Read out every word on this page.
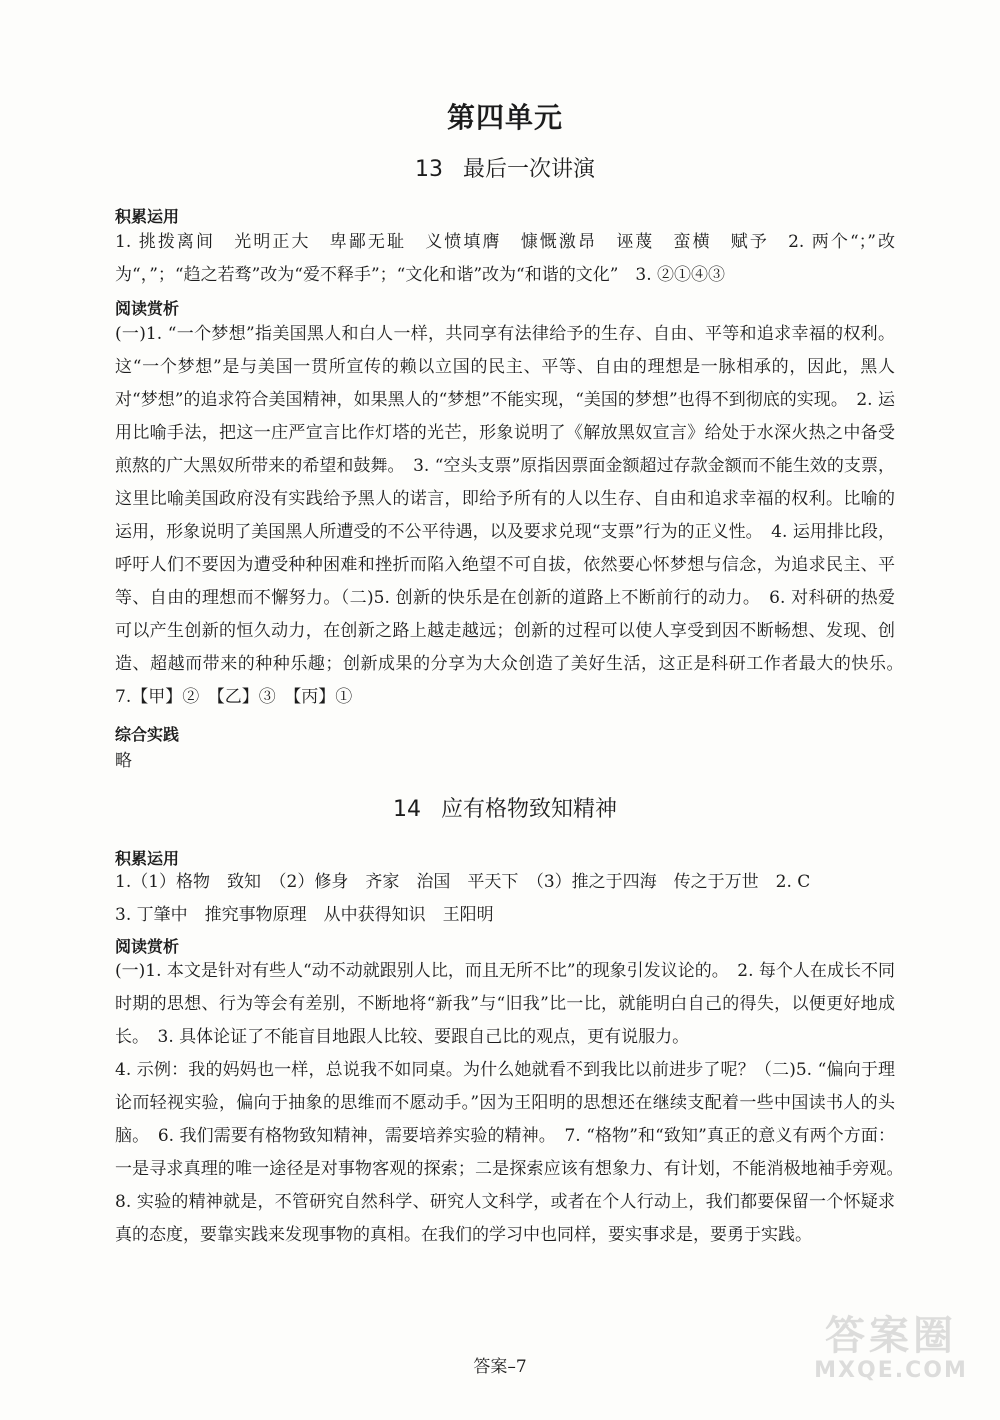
第四单元
13 最后一次讲演
积累运用
1. 挑拨离间　光明正大　卑鄙无耻　义愤填膺　慷慨激昂　诬蔑　蛮横　赋予　2. 两个“；”改为“，”；“趋之若骛”改为“爱不释手”；“文化和谐”改为“和谐的文化”　3. ②①④③
阅读赏析
(一)1. “一个梦想”指美国黑人和白人一样，共同享有法律给予的生存、自由、平等和追求幸福的权利。这“一个梦想”是与美国一贯所宣传的赖以立国的民主、平等、自由的理想是一脉相承的，因此，黑人对“梦想”的追求符合美国精神，如果黑人的“梦想”不能实现，“美国的梦想”也得不到彻底的实现。　2. 运用比喻手法，把这一庄严宣言比作灯塔的光芒，形象说明了《解放黑奴宣言》给处于水深火热之中备受煎熬的广大黑奴所带来的希望和鼓舞。　3. “空头支票”原指因票面金额超过存款金额而不能生效的支票，这里比喻美国政府没有实践给予黑人的诺言，即给予所有的人以生存、自由和追求幸福的权利。比喻的运用，形象说明了美国黑人所遭受的不公平待遇，以及要求兑现“支票”行为的正义性。　4. 运用排比段，呼吁人们不要因为遭受种种困难和挫折而陷入绝望不可自拔，依然要心怀梦想与信念，为追求民主、平等、自由的理想而不懈努力。（二)5. 创新的快乐是在创新的道路上不断前行的动力。　6. 对科研的热爱可以产生创新的恒久动力，在创新之路上越走越远；创新的过程可以使人享受到因不断畅想、发现、创造、超越而带来的种种乐趣；创新成果的分享为大众创造了美好生活，这正是科研工作者最大的快乐。　7.【甲】②　【乙】③　【丙】①
综合实践
略
14 应有格物致知精神
积累运用
1.（1）格物　致知　（2）修身　齐家　治国　平天下　（3）推之于四海　传之于万世　2. C
3. 丁肇中　推究事物原理　从中获得知识　王阳明
阅读赏析
(一)1. 本文是针对有些人“动不动就跟别人比，而且无所不比”的现象引发议论的。　2. 每个人在成长不同时期的思想、行为等会有差别，不断地将“新我”与“旧我”比一比，就能明白自己的得失，以便更好地成长。　3. 具体论证了不能盲目地跟人比较、要跟自己比的观点，更有说服力。
4. 示例：我的妈妈也一样，总说我不如同桌。为什么她就看不到我比以前进步了呢？（二)5. “偏向于理论而轻视实验，偏向于抽象的思维而不愿动手。”因为王阳明的思想还在继续支配着一些中国读书人的头脑。　6. 我们需要有格物致知精神，需要培养实验的精神。　7. “格物”和“致知”真正的意义有两个方面：一是寻求真理的唯一途径是对事物客观的探索；二是探索应该有想象力、有计划，不能消极地袖手旁观。　8. 实验的精神就是，不管研究自然科学、研究人文科学，或者在个人行动上，我们都要保留一个怀疑求真的态度，要靠实践来发现事物的真相。在我们的学习中也同样，要实事求是，要勇于实践。
答案–7
答案圈
MXQE.COM
